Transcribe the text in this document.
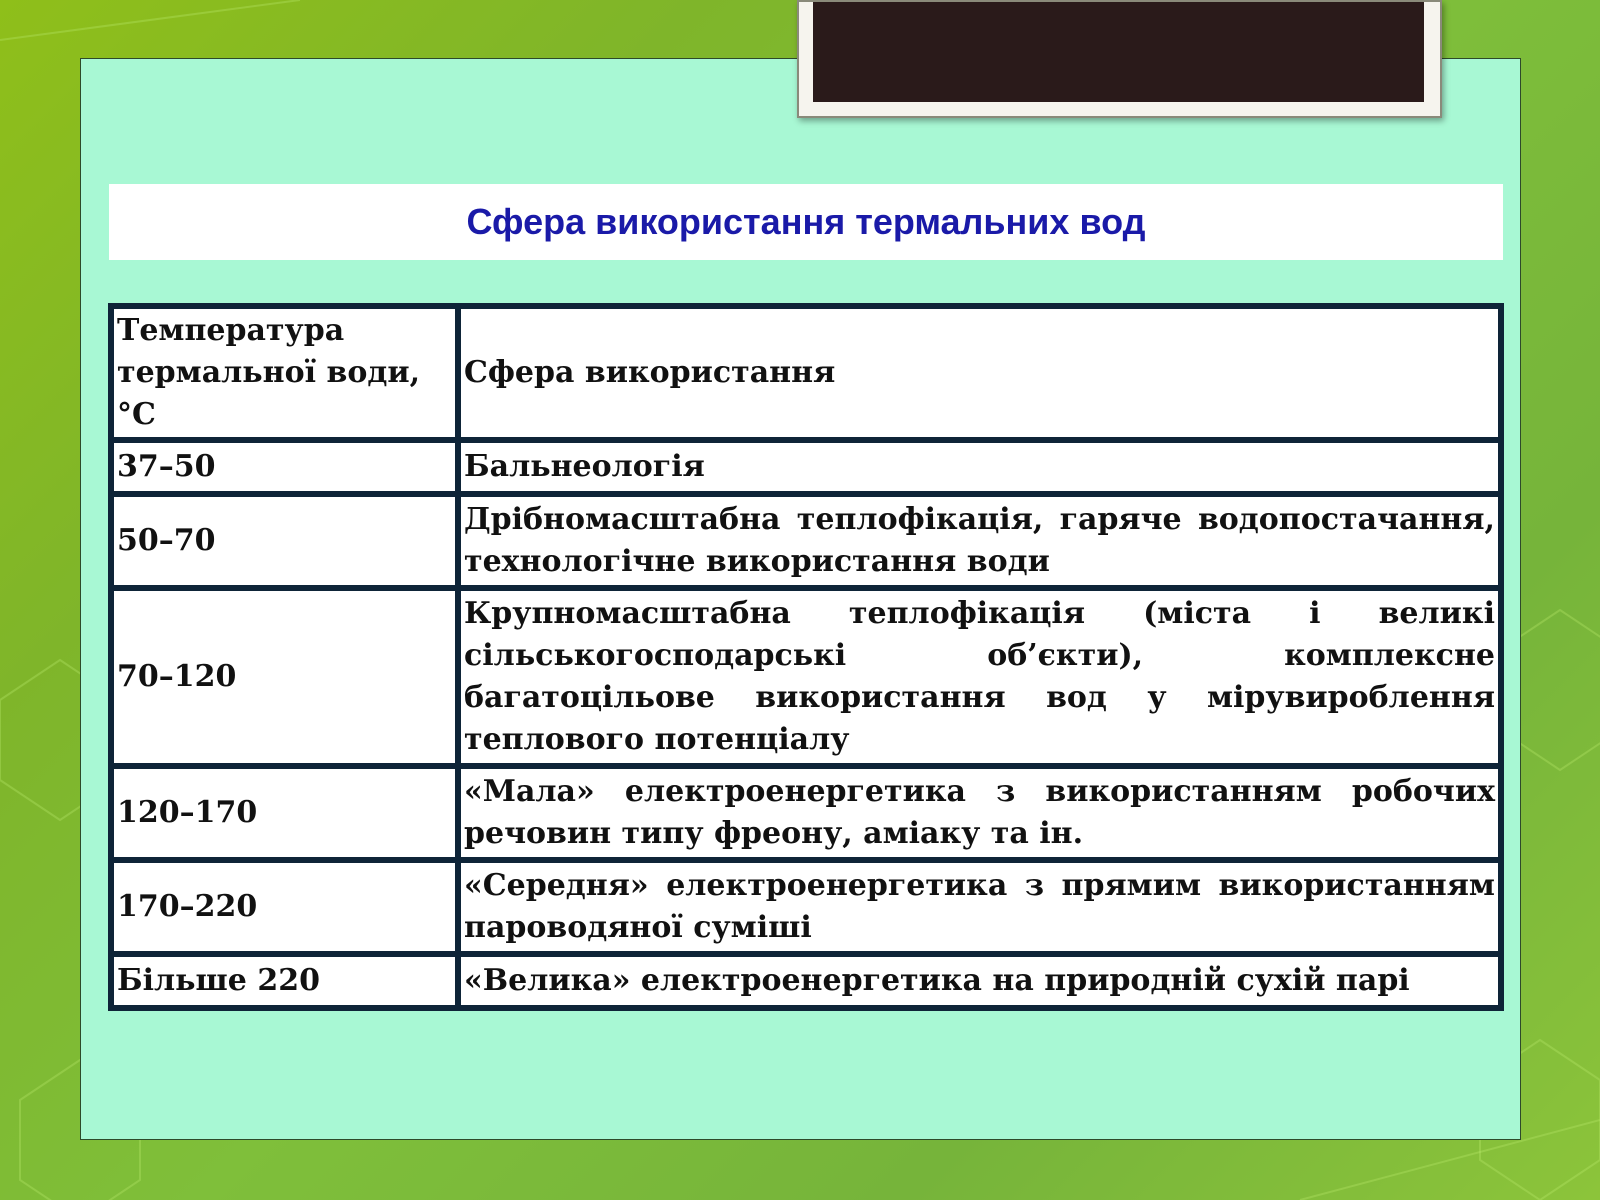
Сфера використання термальних вод
Температура термальної води, °C	Сфера використання
37–50	Бальнеологія
50–70	Дрібномасштабна теплофікація, гаряче водопостачання, технологічне використання води
70–120	Крупномасштабна теплофікація (міста і великі сільськогосподарські об’єкти), комплексне багатоцільове використання вод у мірувироблення теплового потенціалу
120–170	«Мала» електроенергетика з використанням робочих речовин типу фреону, аміаку та ін.
170–220	«Середня» електроенергетика з прямим використанням пароводяної суміші
Більше 220	«Велика» електроенергетика на природній сухій парі
